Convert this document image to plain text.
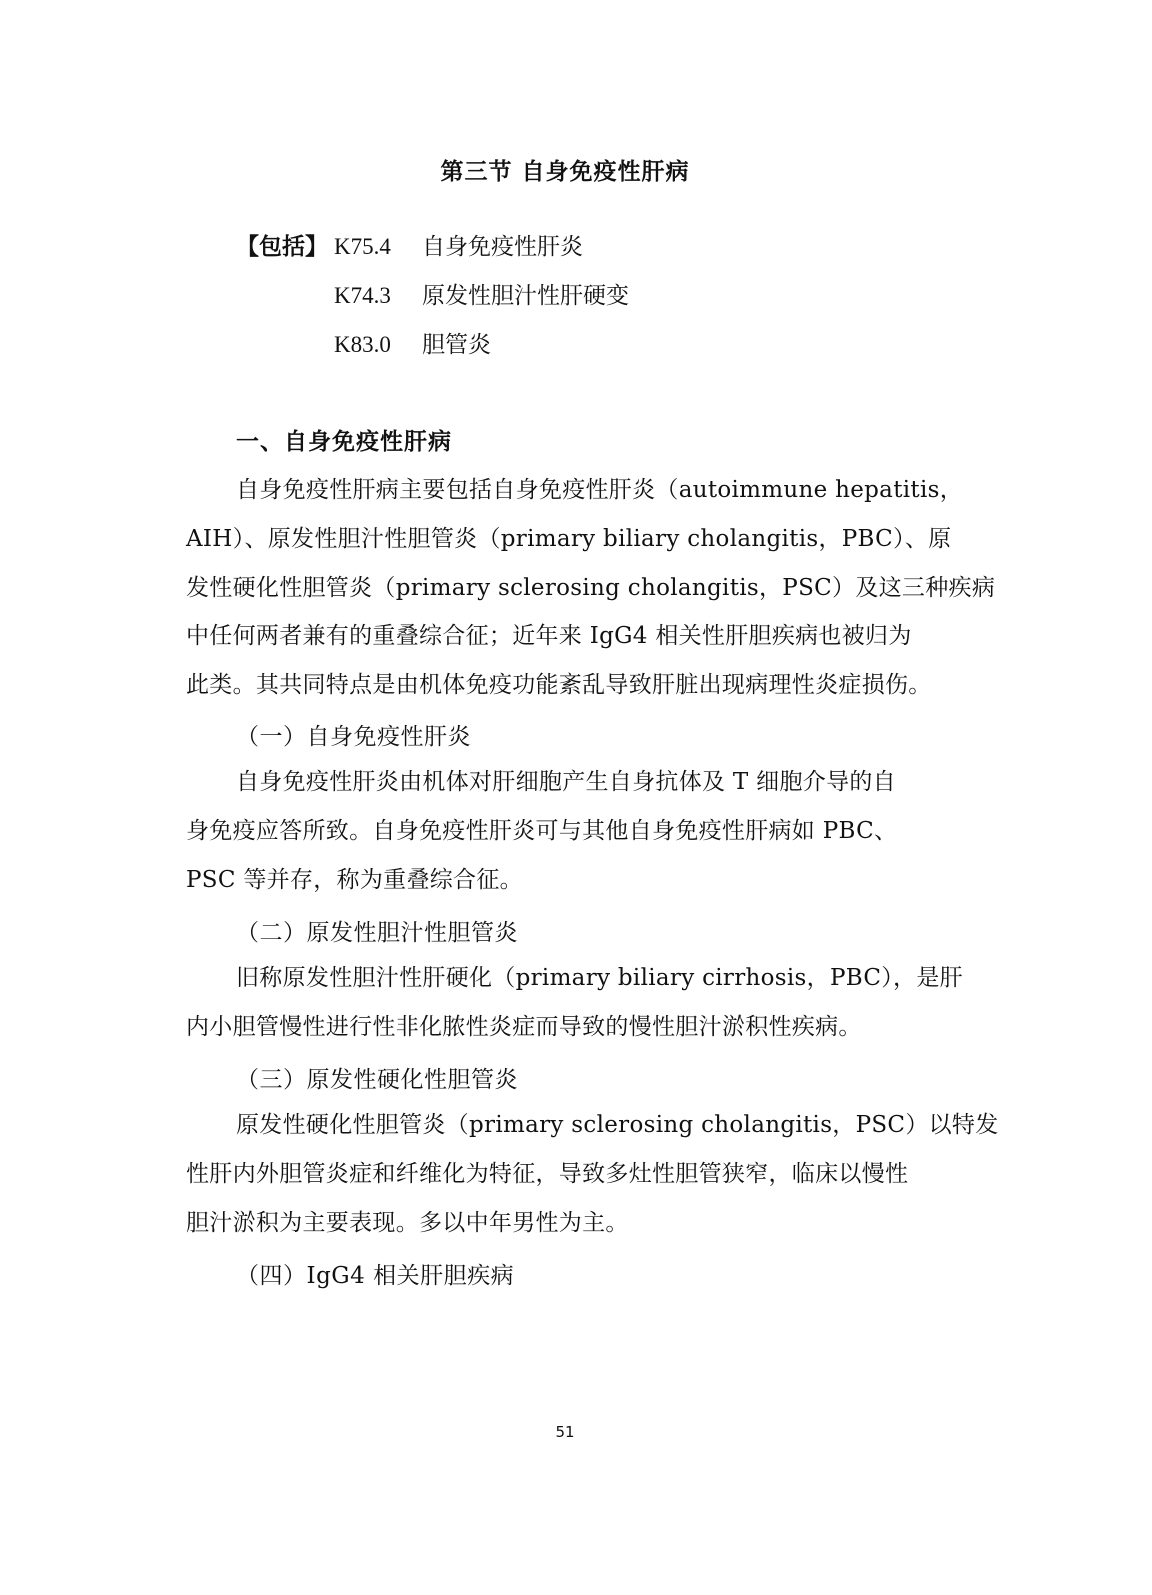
第三节 自身免疫性肝病
【包括】 K75.4 自身免疫性肝炎
K74.3 原发性胆汁性肝硬变
K83.0 胆管炎
一、自身免疫性肝病
自身免疫性肝病主要包括自身免疫性肝炎（autoimmune hepatitis，
AIH）、原发性胆汁性胆管炎（primary biliary cholangitis，PBC）、原
发性硬化性胆管炎（primary sclerosing cholangitis，PSC）及这三种疾病
中任何两者兼有的重叠综合征；近年来 IgG4 相关性肝胆疾病也被归为
此类。其共同特点是由机体免疫功能紊乱导致肝脏出现病理性炎症损伤。
（一）自身免疫性肝炎
自身免疫性肝炎由机体对肝细胞产生自身抗体及 T 细胞介导的自
身免疫应答所致。自身免疫性肝炎可与其他自身免疫性肝病如 PBC、
PSC 等并存，称为重叠综合征。
（二）原发性胆汁性胆管炎
旧称原发性胆汁性肝硬化（primary biliary cirrhosis，PBC），是肝
内小胆管慢性进行性非化脓性炎症而导致的慢性胆汁淤积性疾病。
（三）原发性硬化性胆管炎
原发性硬化性胆管炎（primary sclerosing cholangitis，PSC）以特发
性肝内外胆管炎症和纤维化为特征，导致多灶性胆管狭窄，临床以慢性
胆汁淤积为主要表现。多以中年男性为主。
（四）IgG4 相关肝胆疾病
51
